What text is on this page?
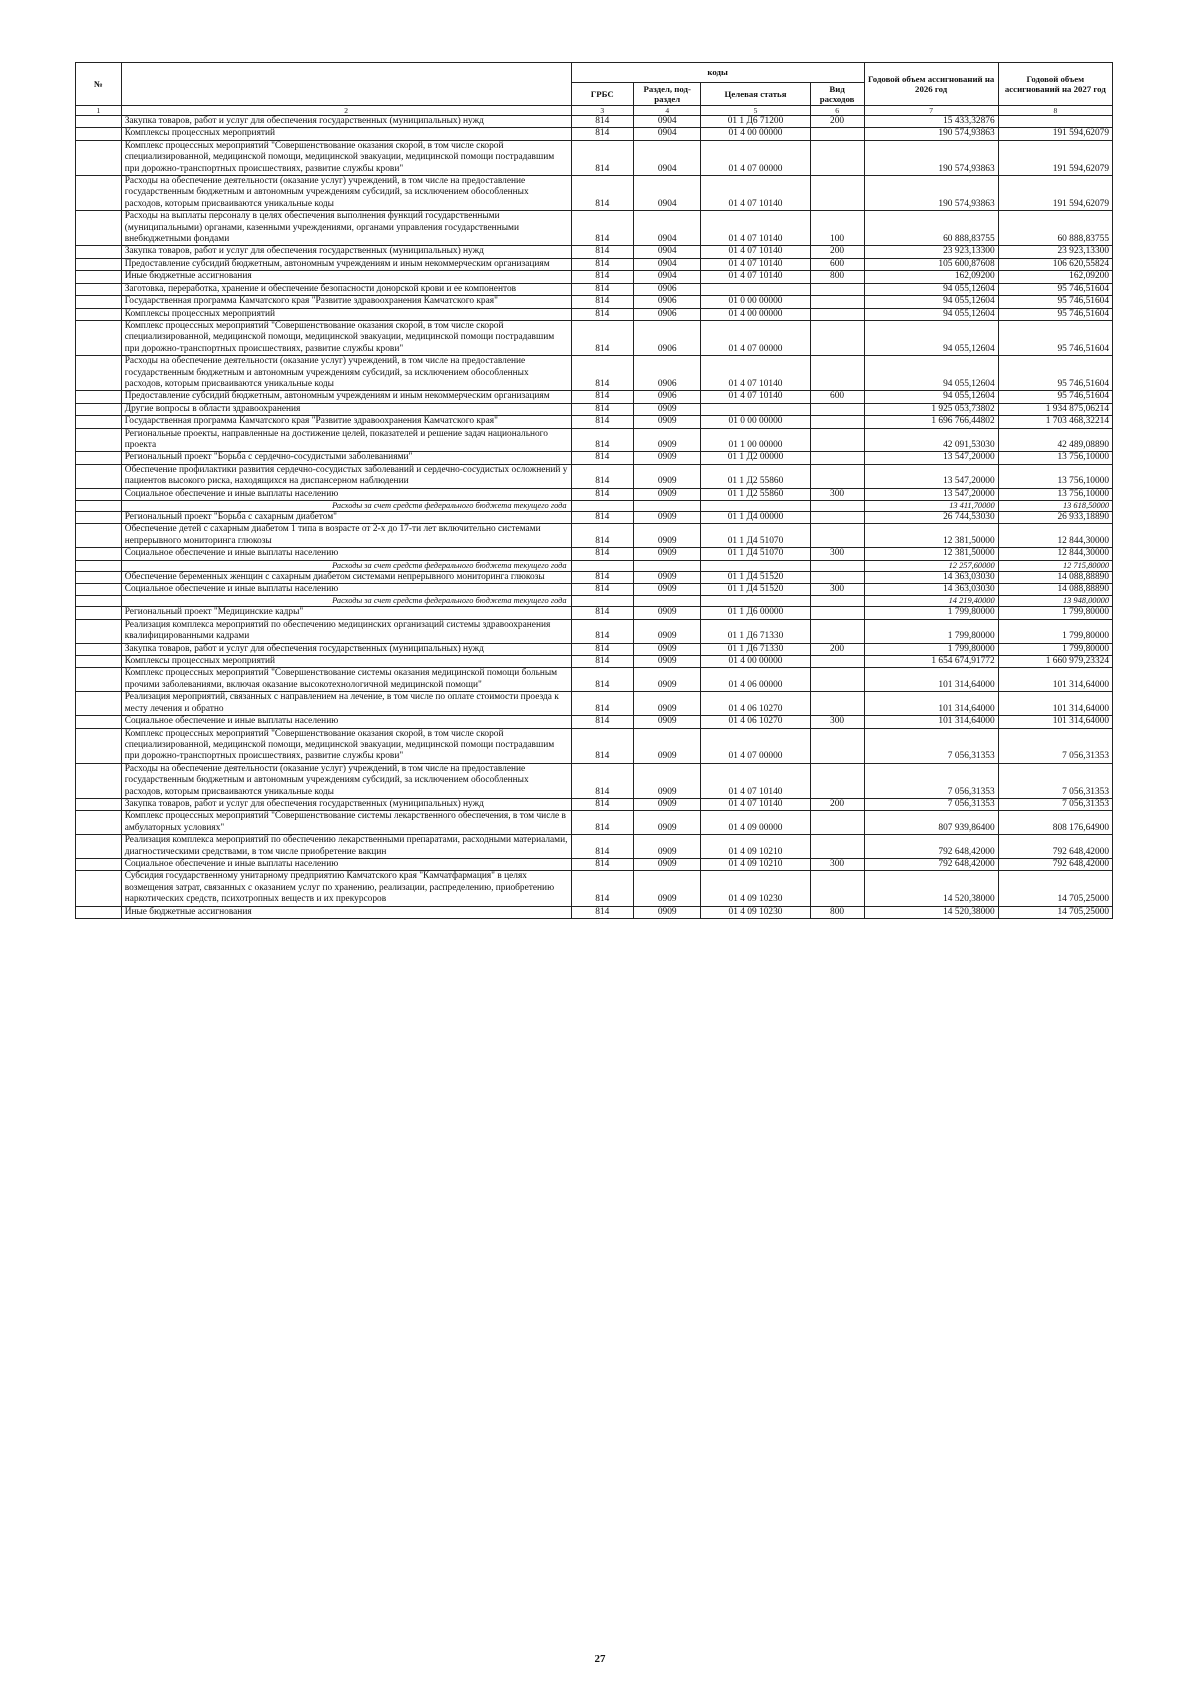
№		коды				Годовой объем ассигнований на 2026 год	Годовой объем ассигнований на 2027 год
		ГРБС	Раздел, под-раздел	Целевая статья	Вид расходов		
1	2	3	4	5	6	7	8
	Закупка товаров, работ и услуг для обеспечения государственных (муниципальных) нужд	814	0904	01 1 Д6 71200	200	15 433,32876	
	Комплексы процессных мероприятий	814	0904	01 4 00 00000		190 574,93863	191 594,62079
	Комплекс процессных мероприятий "Совершенствование оказания скорой, в том числе скорой специализированной, медицинской помощи, медицинской эвакуации, медицинской помощи пострадавшим при дорожно-транспортных происшествиях, развитие службы крови"	814	0904	01 4 07 00000		190 574,93863	191 594,62079
	Расходы на обеспечение деятельности (оказание услуг) учреждений, в том числе на предоставление государственным бюджетным и автономным учреждениям субсидий, за исключением обособленных расходов, которым присваиваются уникальные коды	814	0904	01 4 07 10140		190 574,93863	191 594,62079
	Расходы на выплаты персоналу в целях обеспечения выполнения функций государственными (муниципальными) органами, казенными учреждениями, органами управления государственными внебюджетными фондами	814	0904	01 4 07 10140	100	60 888,83755	60 888,83755
	Закупка товаров, работ и услуг для обеспечения государственных (муниципальных) нужд	814	0904	01 4 07 10140	200	23 923,13300	23 923,13300
	Предоставление субсидий бюджетным, автономным учреждениям и иным некоммерческим организациям	814	0904	01 4 07 10140	600	105 600,87608	106 620,55824
	Иные бюджетные ассигнования	814	0904	01 4 07 10140	800	162,09200	162,09200
	Заготовка, переработка, хранение и обеспечение безопасности донорской крови и ее компонентов	814	0906			94 055,12604	95 746,51604
	Государственная программа Камчатского края "Развитие здравоохранения Камчатского края"	814	0906	01 0 00 00000		94 055,12604	95 746,51604
	Комплексы процессных мероприятий	814	0906	01 4 00 00000		94 055,12604	95 746,51604
	Комплекс процессных мероприятий "Совершенствование оказания скорой, в том числе скорой специализированной, медицинской помощи, медицинской эвакуации, медицинской помощи пострадавшим при дорожно-транспортных происшествиях, развитие службы крови"	814	0906	01 4 07 00000		94 055,12604	95 746,51604
	Расходы на обеспечение деятельности (оказание услуг) учреждений, в том числе на предоставление государственным бюджетным и автономным учреждениям субсидий, за исключением обособленных расходов, которым присваиваются уникальные коды	814	0906	01 4 07 10140		94 055,12604	95 746,51604
	Предоставление субсидий бюджетным, автономным учреждениям и иным некоммерческим организациям	814	0906	01 4 07 10140	600	94 055,12604	95 746,51604
	Другие вопросы в области здравоохранения	814	0909			1 925 053,73802	1 934 875,06214
	Государственная программа Камчатского края "Развитие здравоохранения Камчатского края"	814	0909	01 0 00 00000		1 696 766,44802	1 703 468,32214
	Региональные проекты, направленные на достижение целей, показателей и решение задач национального проекта	814	0909	01 1 00 00000		42 091,53030	42 489,08890
	Региональный проект "Борьба с сердечно-сосудистыми заболеваниями"	814	0909	01 1 Д2 00000		13 547,20000	13 756,10000
	Обеспечение профилактики развития сердечно-сосудистых заболеваний и сердечно-сосудистых осложнений у пациентов высокого риска, находящихся на диспансерном наблюдении	814	0909	01 1 Д2 55860		13 547,20000	13 756,10000
	Социальное обеспечение и иные выплаты населению	814	0909	01 1 Д2 55860	300	13 547,20000	13 756,10000
	Расходы за счет средств федерального бюджета текущего года					13 411,70000	13 618,50000
	Региональный проект "Борьба с сахарным диабетом"	814	0909	01 1 Д4 00000		26 744,53030	26 933,18890
	Обеспечение детей с сахарным диабетом 1 типа в возрасте от 2-х до 17-ти лет включительно системами непрерывного мониторинга глюкозы	814	0909	01 1 Д4 51070		12 381,50000	12 844,30000
	Социальное обеспечение и иные выплаты населению	814	0909	01 1 Д4 51070	300	12 381,50000	12 844,30000
	Расходы за счет средств федерального бюджета текущего года					12 257,60000	12 715,80000
	Обеспечение беременных женщин с сахарным диабетом системами непрерывного мониторинга глюкозы	814	0909	01 1 Д4 51520		14 363,03030	14 088,88890
	Социальное обеспечение и иные выплаты населению	814	0909	01 1 Д4 51520	300	14 363,03030	14 088,88890
	Расходы за счет средств федерального бюджета текущего года					14 219,40000	13 948,00000
	Региональный проект "Медицинские кадры"	814	0909	01 1 Д6 00000		1 799,80000	1 799,80000
	Реализация комплекса мероприятий по обеспечению медицинских организаций системы здравоохранения квалифицированными кадрами	814	0909	01 1 Д6 71330		1 799,80000	1 799,80000
	Закупка товаров, работ и услуг для обеспечения государственных (муниципальных) нужд	814	0909	01 1 Д6 71330	200	1 799,80000	1 799,80000
	Комплексы процессных мероприятий	814	0909	01 4 00 00000		1 654 674,91772	1 660 979,23324
	Комплекс процессных мероприятий "Совершенствование системы оказания медицинской помощи больным прочими заболеваниями, включая оказание высокотехнологичной медицинской помощи"	814	0909	01 4 06 00000		101 314,64000	101 314,64000
	Реализация мероприятий, связанных с направлением на лечение, в том числе по оплате стоимости проезда к месту лечения и обратно	814	0909	01 4 06 10270		101 314,64000	101 314,64000
	Социальное обеспечение и иные выплаты населению	814	0909	01 4 06 10270	300	101 314,64000	101 314,64000
	Комплекс процессных мероприятий "Совершенствование оказания скорой, в том числе скорой специализированной, медицинской помощи, медицинской эвакуации, медицинской помощи пострадавшим при дорожно-транспортных происшествиях, развитие службы крови"	814	0909	01 4 07 00000		7 056,31353	7 056,31353
	Расходы на обеспечение деятельности (оказание услуг) учреждений, в том числе на предоставление государственным бюджетным и автономным учреждениям субсидий, за исключением обособленных расходов, которым присваиваются уникальные коды	814	0909	01 4 07 10140		7 056,31353	7 056,31353
	Закупка товаров, работ и услуг для обеспечения государственных (муниципальных) нужд	814	0909	01 4 07 10140	200	7 056,31353	7 056,31353
	Комплекс процессных мероприятий "Совершенствование системы лекарственного обеспечения, в том числе в амбулаторных условиях"	814	0909	01 4 09 00000		807 939,86400	808 176,64900
	Реализация комплекса мероприятий по обеспечению лекарственными препаратами, расходными материалами, диагностическими средствами, в том числе приобретение вакцин	814	0909	01 4 09 10210		792 648,42000	792 648,42000
	Социальное обеспечение и иные выплаты населению	814	0909	01 4 09 10210	300	792 648,42000	792 648,42000
	Субсидия государственному унитарному предприятию Камчатского края "Камчатфармация" в целях возмещения затрат, связанных с оказанием услуг по хранению, реализации, распределению, приобретению наркотических средств, психотропных веществ и их прекурсоров	814	0909	01 4 09 10230		14 520,38000	14 705,25000
	Иные бюджетные ассигнования	814	0909	01 4 09 10230	800	14 520,38000	14 705,25000
27
